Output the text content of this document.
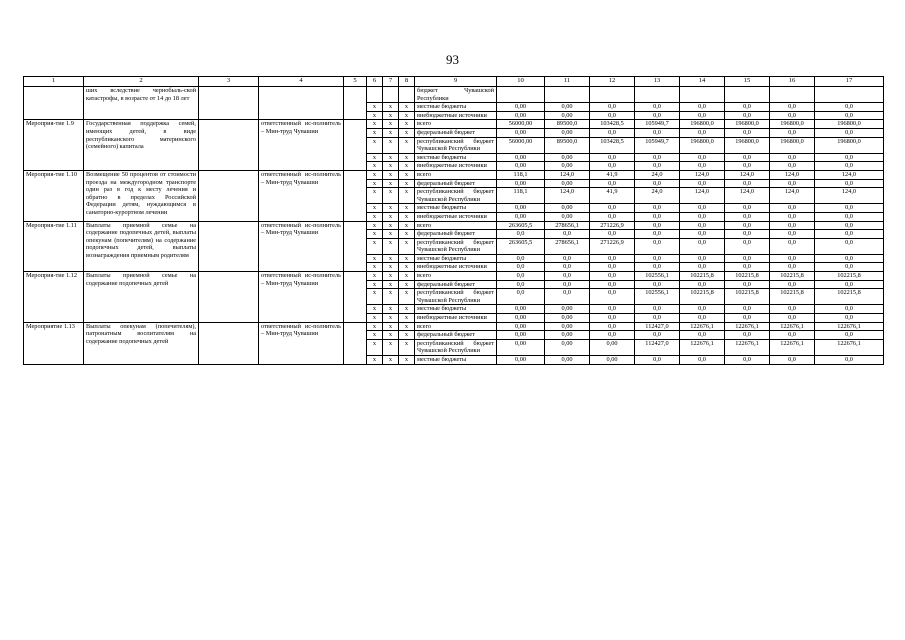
93
1	2	3	4	5	6	7	8	9	10	11	12	13	14	15	16	17
	ших вследствие чернобыль-ской катастрофы, в возрасте от 14 до 18 лет							бюджет Чувашской Республики								
					х	х	х	местные бюджеты	0,00	0,00	0,0	0,0	0,0	0,0	0,0	0,0
					х	х	х	внебюджетные источники	0,00	0,00	0,0	0,0	0,0	0,0	0,0	0,0
Мероприя-тие 1.9	Государственная поддержка семей, имеющих детей, в виде республиканского материнского (семейного) капитала		ответственный ис-полнитель – Мин-труд Чувашии		х	х	х	всего	56000,00	89500,0	103428,5	105949,7	196800,0	196800,0	196800,0	196800,0
					х	х	х	федеральный бюджет	0,00	0,00	0,0	0,0	0,0	0,0	0,0	0,0
					х	х	х	республиканский бюджет Чувашской Республики	56000,00	89500,0	103428,5	105949,7	196800,0	196800,0	196800,0	196800,0
					х	х	х	местные бюджеты	0,00	0,00	0,0	0,0	0,0	0,0	0,0	0,0
					х	х	х	внебюджетные источники	0,00	0,00	0,0	0,0	0,0	0,0	0,0	0,0
Мероприя-тие 1.10	Возмещение 50 процентов от стоимости проезда на междугородном транспорте один раз в год к месту лечения и обратно в пределах Российской Федерации детям, нуждающимся в санаторно-курортном лечении		ответственный ис-полнитель – Мин-труд Чувашии		х	х	х	всего	118,1	124,0	41,9	24,0	124,0	124,0	124,0	124,0
					х	х	х	федеральный бюджет	0,00	0,00	0,0	0,0	0,0	0,0	0,0	0,0
					х	х	х	республиканский бюджет Чувашской Республики	118,1	124,0	41,9	24,0	124,0	124,0	124,0	124,0
					х	х	х	местные бюджеты	0,00	0,00	0,0	0,0	0,0	0,0	0,0	0,0
					х	х	х	внебюджетные источники	0,00	0,00	0,0	0,0	0,0	0,0	0,0	0,0
Мероприя-тие 1.11	Выплаты приемной семье на содержание подопечных детей, выплаты опекунам (попечителям) на содержание подопечных детей, выплаты вознаграждения приемным родителям		ответственный ис-полнитель – Мин-труд Чувашии		х	х	х	всего	263605,5	278656,1	271226,9	0,0	0,0	0,0	0,0	0,0
					х	х	х	федеральный бюджет	0,0	0,0	0,0	0,0	0,0	0,0	0,0	0,0
					х	х	х	республиканский бюджет Чувашской Республики	263605,5	278656,1	271226,9	0,0	0,0	0,0	0,0	0,0
					х	х	х	местные бюджеты	0,0	0,0	0,0	0,0	0,0	0,0	0,0	0,0
					х	х	х	внебюджетные источники	0,0	0,0	0,0	0,0	0,0	0,0	0,0	0,0
Мероприя-тие 1.12	Выплаты приемной семье на содержание подопечных детей		ответственный ис-полнитель – Мин-труд Чувашии		х	х	х	всего	0,0	0,0	0,0	102556,1	102215,8	102215,8	102215,8	102215,8
					х	х	х	федеральный бюджет	0,0	0,0	0,0	0,0	0,0	0,0	0,0	0,0
					х	х	х	республиканский бюджет Чувашской Республики	0,0	0,0	0,0	102556,1	102215,8	102215,8	102215,8	102215,8
					х	х	х	местные бюджеты	0,00	0,00	0,0	0,0	0,0	0,0	0,0	0,0
					х	х	х	внебюджетные источники	0,00	0,00	0,0	0,0	0,0	0,0	0,0	0,0
Мероприятие 1.13	Выплаты опекунам (попечителям), патронатным воспитателям на содержание подопечных детей		ответственный ис-полнитель – Мин-труд Чувашии		х	х	х	всего	0,00	0,00	0,0	112427,0	122676,1	122676,1	122676,1	122676,1
					х	х	х	федеральный бюджет	0,00	0,00	0,0	0,0	0,0	0,0	0,0	0,0
					х	х	х	республиканский бюджет Чувашской Республики	0,00	0,00	0,00	112427,0	122676,1	122676,1	122676,1	122676,1
					х	х	х	местные бюджеты	0,00	0,00	0,00	0,0	0,0	0,0	0,0	0,0
